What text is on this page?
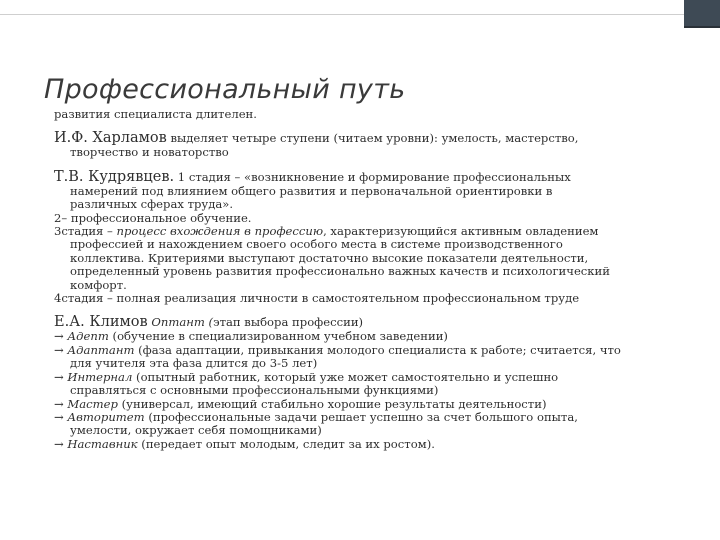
Профессиональный путь

развития специалиста длителен.

И.Ф. Харламов выделяет четыре ступени (читаем уровни): умелость, мастерство,

творчество и новаторство

Т.В. Кудрявцев. 1 стадия – «возникновение и формирование профессиональных

намерений под влиянием общего развития и первоначальной ориентировки в

различных сферах труда».

2– профессиональное обучение.

3стадия – процесс вхождения в профессию, характеризующийся активным овладением

профессией и нахождением своего особого места в системе производственного

коллектива. Критериями выступают достаточно высокие показатели деятельности,

определенный уровень развития профессионально важных качеств и психологический

комфорт.

4стадия – полная реализация личности в самостоятельном профессиональном труде

Е.А. Климов Оптант (этап выбора профессии)

→ Адепт (обучение в специализированном учебном заведении)

→ Адаптант (фаза адаптации, привыкания молодого специалиста к работе; считается, что

для учителя эта фаза длится до 3-5 лет)

→ Интернал (опытный работник, который уже может самостоятельно и успешно

справляться с основными профессиональными функциями)

→ Мастер (универсал, имеющий стабильно хорошие результаты деятельности)

→ Авторитет (профессиональные задачи решает успешно за счет большого опыта,

умелости, окружает себя помощниками)

→ Наставник (передает опыт молодым, следит за их ростом).
